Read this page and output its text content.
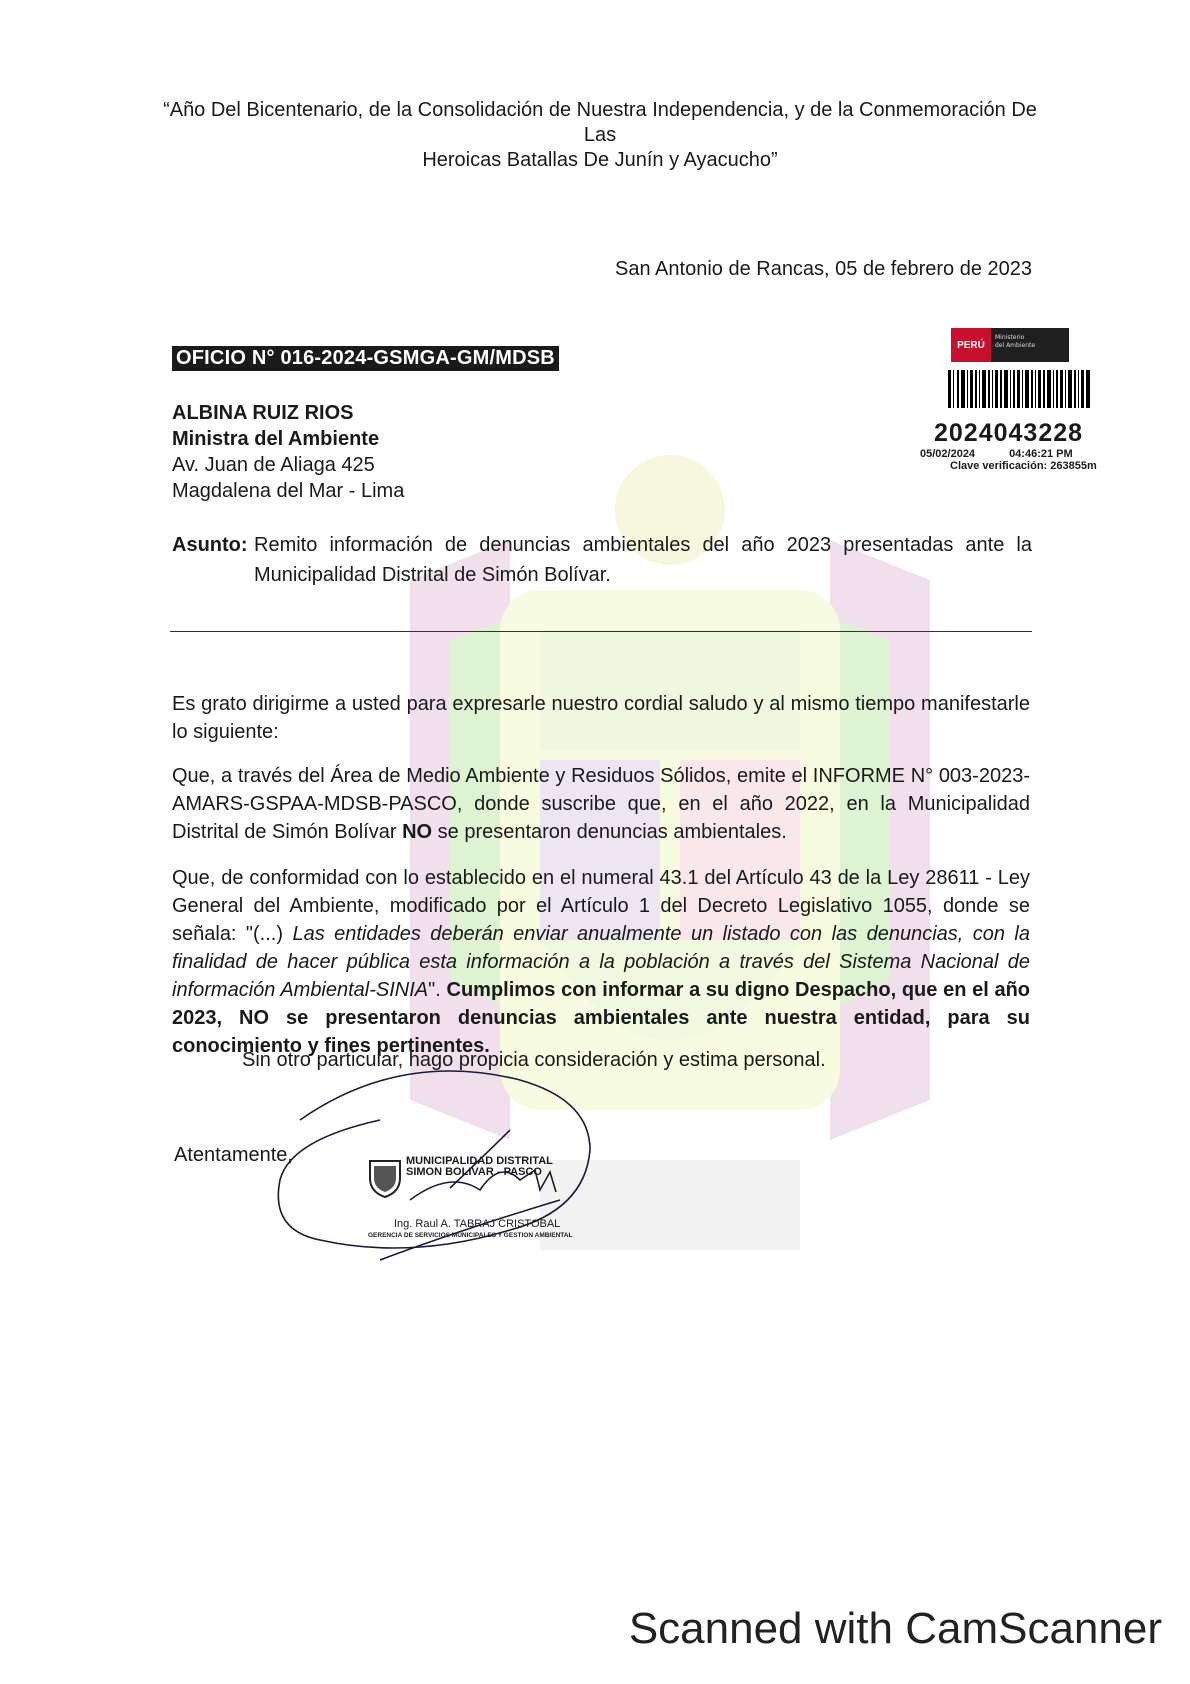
“Año Del Bicentenario, de la Consolidación de Nuestra Independencia, y de la Conmemoración De Las
Heroicas Batallas De Junín y Ayacucho”
San Antonio de Rancas, 05 de febrero de 2023
OFICIO N° 016-2024-GSMGA-GM/MDSB
ALBINA RUIZ RIOS
Ministra del Ambiente
Av. Juan de Aliaga 425
Magdalena del Mar - Lima
PERÚ
Ministerio
del Ambiente
2024043228
05/02/2024	04:46:21 PM
Clave verificación: 263855m
Asunto: Remito información de denuncias ambientales del año 2023 presentadas ante la Municipalidad Distrital de Simón Bolívar.
Es grato dirigirme a usted para expresarle nuestro cordial saludo y al mismo tiempo manifestarle lo siguiente:
Que, a través del Área de Medio Ambiente y Residuos Sólidos, emite el INFORME N° 003-2023-AMARS-GSPAA-MDSB-PASCO, donde suscribe que, en el año 2022, en la Municipalidad Distrital de Simón Bolívar NO se presentaron denuncias ambientales.
Que, de conformidad con lo establecido en el numeral 43.1 del Artículo 43 de la Ley 28611 - Ley General del Ambiente, modificado por el Artículo 1 del Decreto Legislativo 1055, donde se señala: "(...) Las entidades deberán enviar anualmente un listado con las denuncias, con la finalidad de hacer pública esta información a la población a través del Sistema Nacional de información Ambiental-SINIA". Cumplimos con informar a su digno Despacho, que en el año 2023, NO se presentaron denuncias ambientales ante nuestra entidad, para su conocimiento y fines pertinentes.
Sin otro particular, hago propicia consideración y estima personal.
Atentamente,	MUNICIPALIDAD DISTRITAL
SIMON BOLIVAR - PASCO
Ing. Raul A. TABRAJ CRISTOBAL
GERENCIA DE SERVICIOS MUNICIPALES Y GESTION AMBIENTAL
Scanned with CamScanner
